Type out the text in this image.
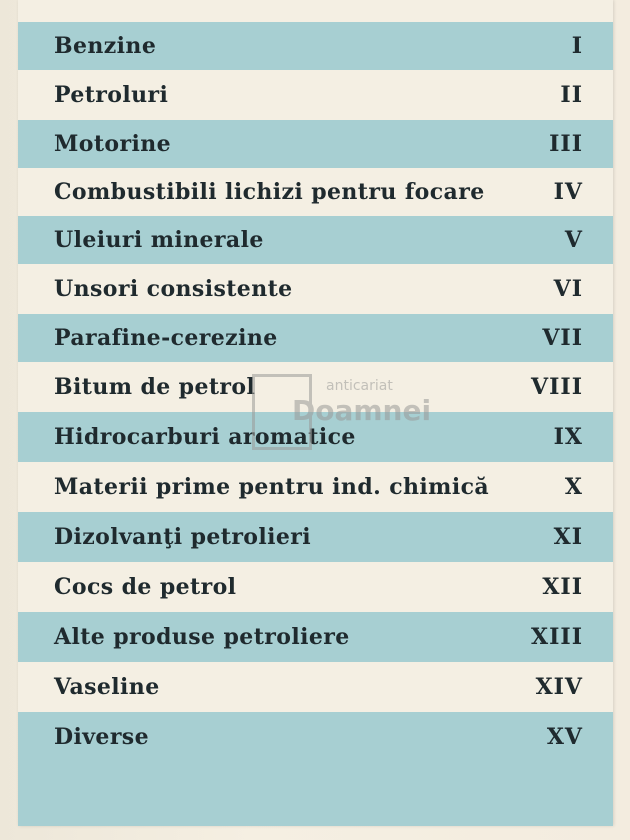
Benzine	I
Petroluri	II
Motorine	III
Combustibili lichizi pentru focare	IV
Uleiuri minerale	V
Unsori consistente	VI
Parafine-cerezine	VII
Bitum de petrol	VIII
Hidrocarburi aromatice	IX
Materii prime pentru ind. chimică	X
Dizolvanţi petrolieri	XI
Cocs de petrol	XII
Alte produse petroliere	XIII
Vaseline	XIV
Diverse	XV
anticariat
Doamnei
